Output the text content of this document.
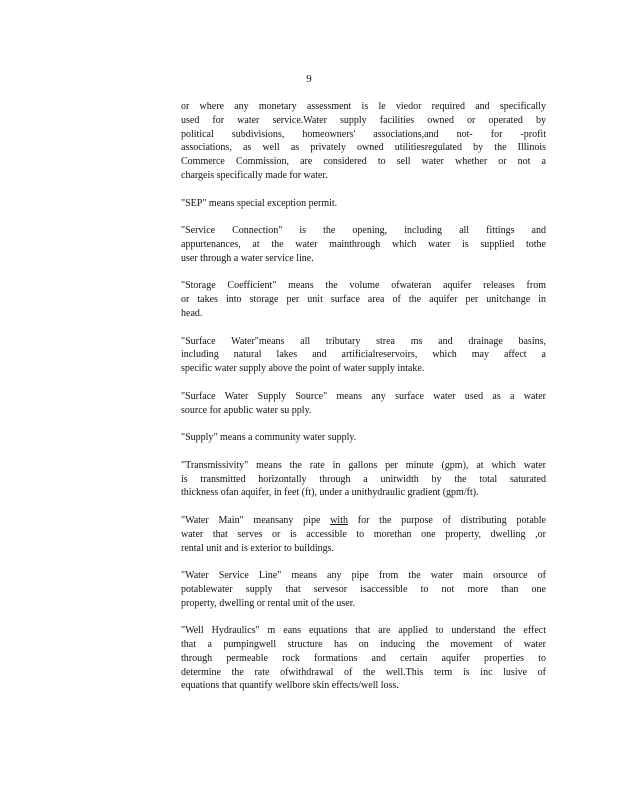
9
or where any monetary assessment is le viedor required and specifically
used for water service.Water supply facilities owned or operated by
political subdivisions, homeowners' associations,and not- for -profit
associations, as well as privately owned utilitiesregulated by the Illinois
Commerce Commission, are considered to sell water whether or not a
chargeis specifically made for water.
"SEP" means special exception permit.
"Service Connection" is the opening, including all fittings and
appurtenances, at the water mainthrough which water is supplied tothe
user through a water service line.
"Storage Coefficient" means the volume ofwateran aquifer releases from
or takes into storage per unit surface area of the aquifer per unitchange in
head.
"Surface Water"means all tributary strea ms and drainage basins,
including natural lakes and artificialreservoirs, which may affect a
specific water supply above the point of water supply intake.
"Surface Water Supply Source" means any surface water used as a water
source for apublic water su pply.
"Supply" means a community water supply.
"Transmissivity" means the rate in gallons per minute (gpm), at which water
is transmitted horizontally through a unitwidth by the total saturated
thickness ofan aquifer, in feet (ft), under a unithydraulic gradient (gpm/ft).
"Water Main" meansany pipe with for the purpose of distributing potable
water that serves or is accessible to morethan one property, dwelling ,or
rental unit and is exterior to buildings.
"Water Service Line" means any pipe from the water main orsource of
potablewater supply that servesor isaccessible to not more than one
property, dwelling or rental unit of the user.
"Well Hydraulics" m eans equations that are applied to understand the effect
that a pumpingwell structure has on inducing the movement of water
through permeable rock formations and certain aquifer properties to
determine the rate ofwithdrawal of the well.This term is inc lusive of
equations that quantify wellbore skin effects/well loss.
